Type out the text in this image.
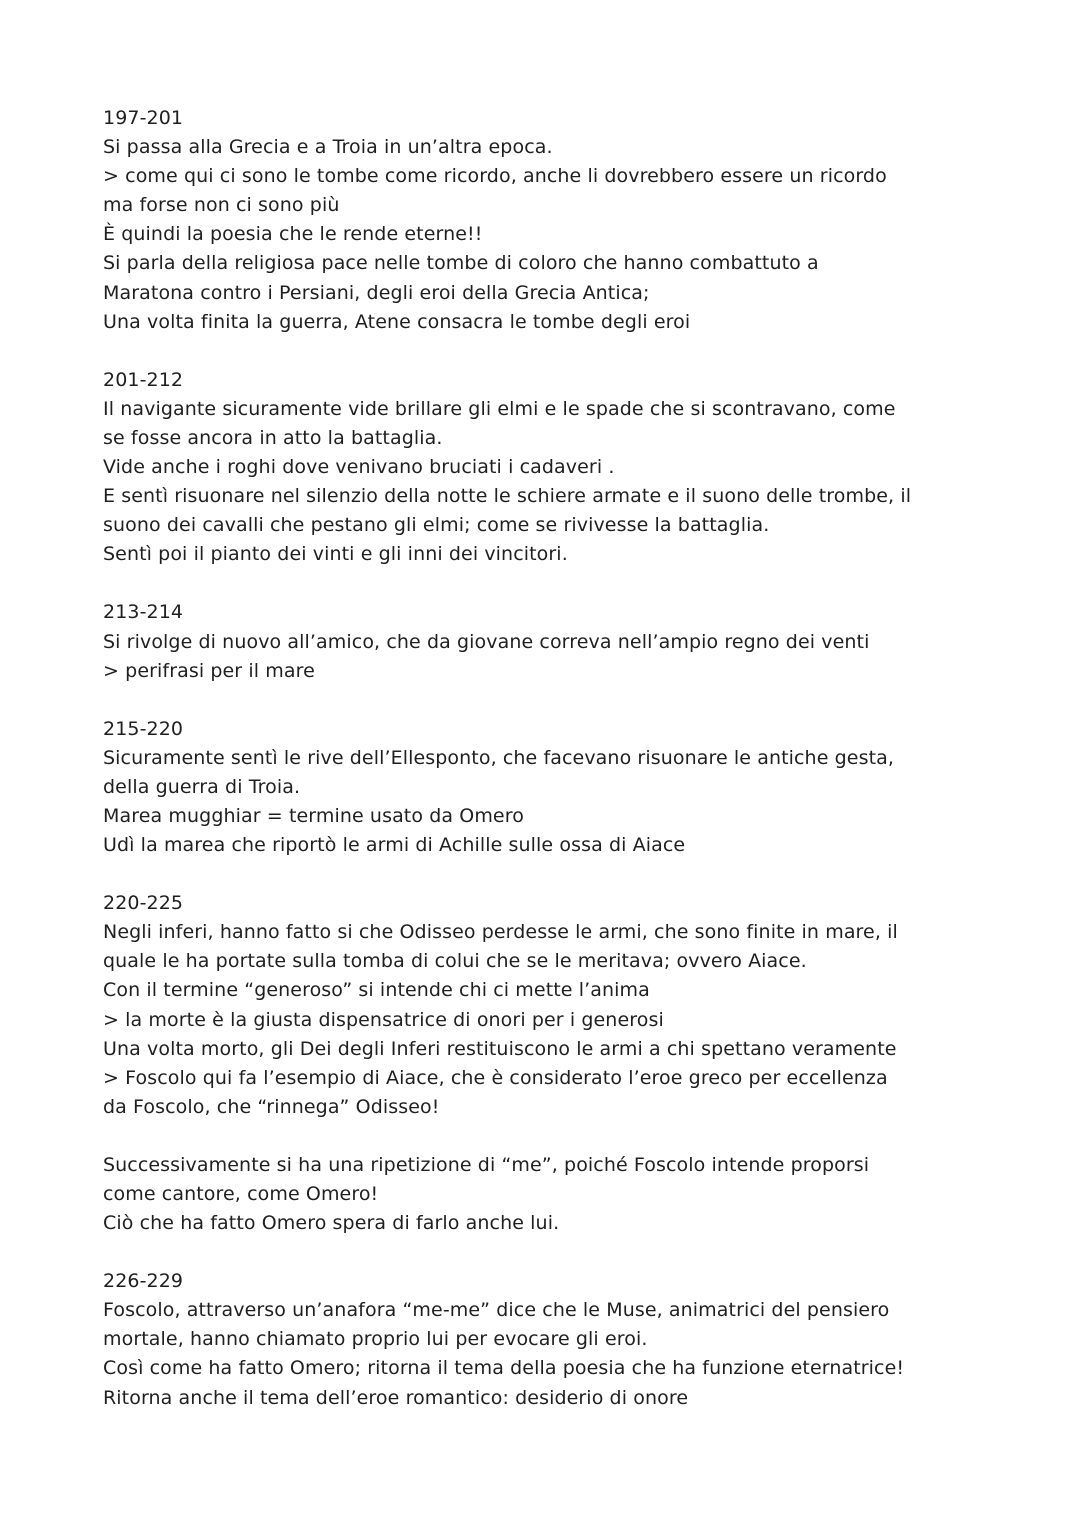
197-201
Si passa alla Grecia e a Troia in un’altra epoca.
> come qui ci sono le tombe come ricordo, anche li dovrebbero essere un ricordo
ma forse non ci sono più
È quindi la poesia che le rende eterne!!
Si parla della religiosa pace nelle tombe di coloro che hanno combattuto a
Maratona contro i Persiani, degli eroi della Grecia Antica;
Una volta finita la guerra, Atene consacra le tombe degli eroi
201-212
Il navigante sicuramente vide brillare gli elmi e le spade che si scontravano, come
se fosse ancora in atto la battaglia.
Vide anche i roghi dove venivano bruciati i cadaveri .
E sentì risuonare nel silenzio della notte le schiere armate e il suono delle trombe, il
suono dei cavalli che pestano gli elmi; come se rivivesse la battaglia.
Sentì poi il pianto dei vinti e gli inni dei vincitori.
213-214
Si rivolge di nuovo all’amico, che da giovane correva nell’ampio regno dei venti
> perifrasi per il mare
215-220
Sicuramente sentì le rive dell’Ellesponto, che facevano risuonare le antiche gesta,
della guerra di Troia.
Marea mugghiar = termine usato da Omero
Udì la marea che riportò le armi di Achille sulle ossa di Aiace
220-225
Negli inferi, hanno fatto si che Odisseo perdesse le armi, che sono finite in mare, il
quale le ha portate sulla tomba di colui che se le meritava; ovvero Aiace.
Con il termine “generoso” si intende chi ci mette l’anima
> la morte è la giusta dispensatrice di onori per i generosi
Una volta morto, gli Dei degli Inferi restituiscono le armi a chi spettano veramente
> Foscolo qui fa l’esempio di Aiace, che è considerato l’eroe greco per eccellenza
da Foscolo, che “rinnega” Odisseo!
Successivamente si ha una ripetizione di “me”, poiché Foscolo intende proporsi
come cantore, come Omero!
Ciò che ha fatto Omero spera di farlo anche lui.
226-229
Foscolo, attraverso un’anafora “me-me” dice che le Muse, animatrici del pensiero
mortale, hanno chiamato proprio lui per evocare gli eroi.
Così come ha fatto Omero; ritorna il tema della poesia che ha funzione eternatrice!
Ritorna anche il tema dell’eroe romantico: desiderio di onore
